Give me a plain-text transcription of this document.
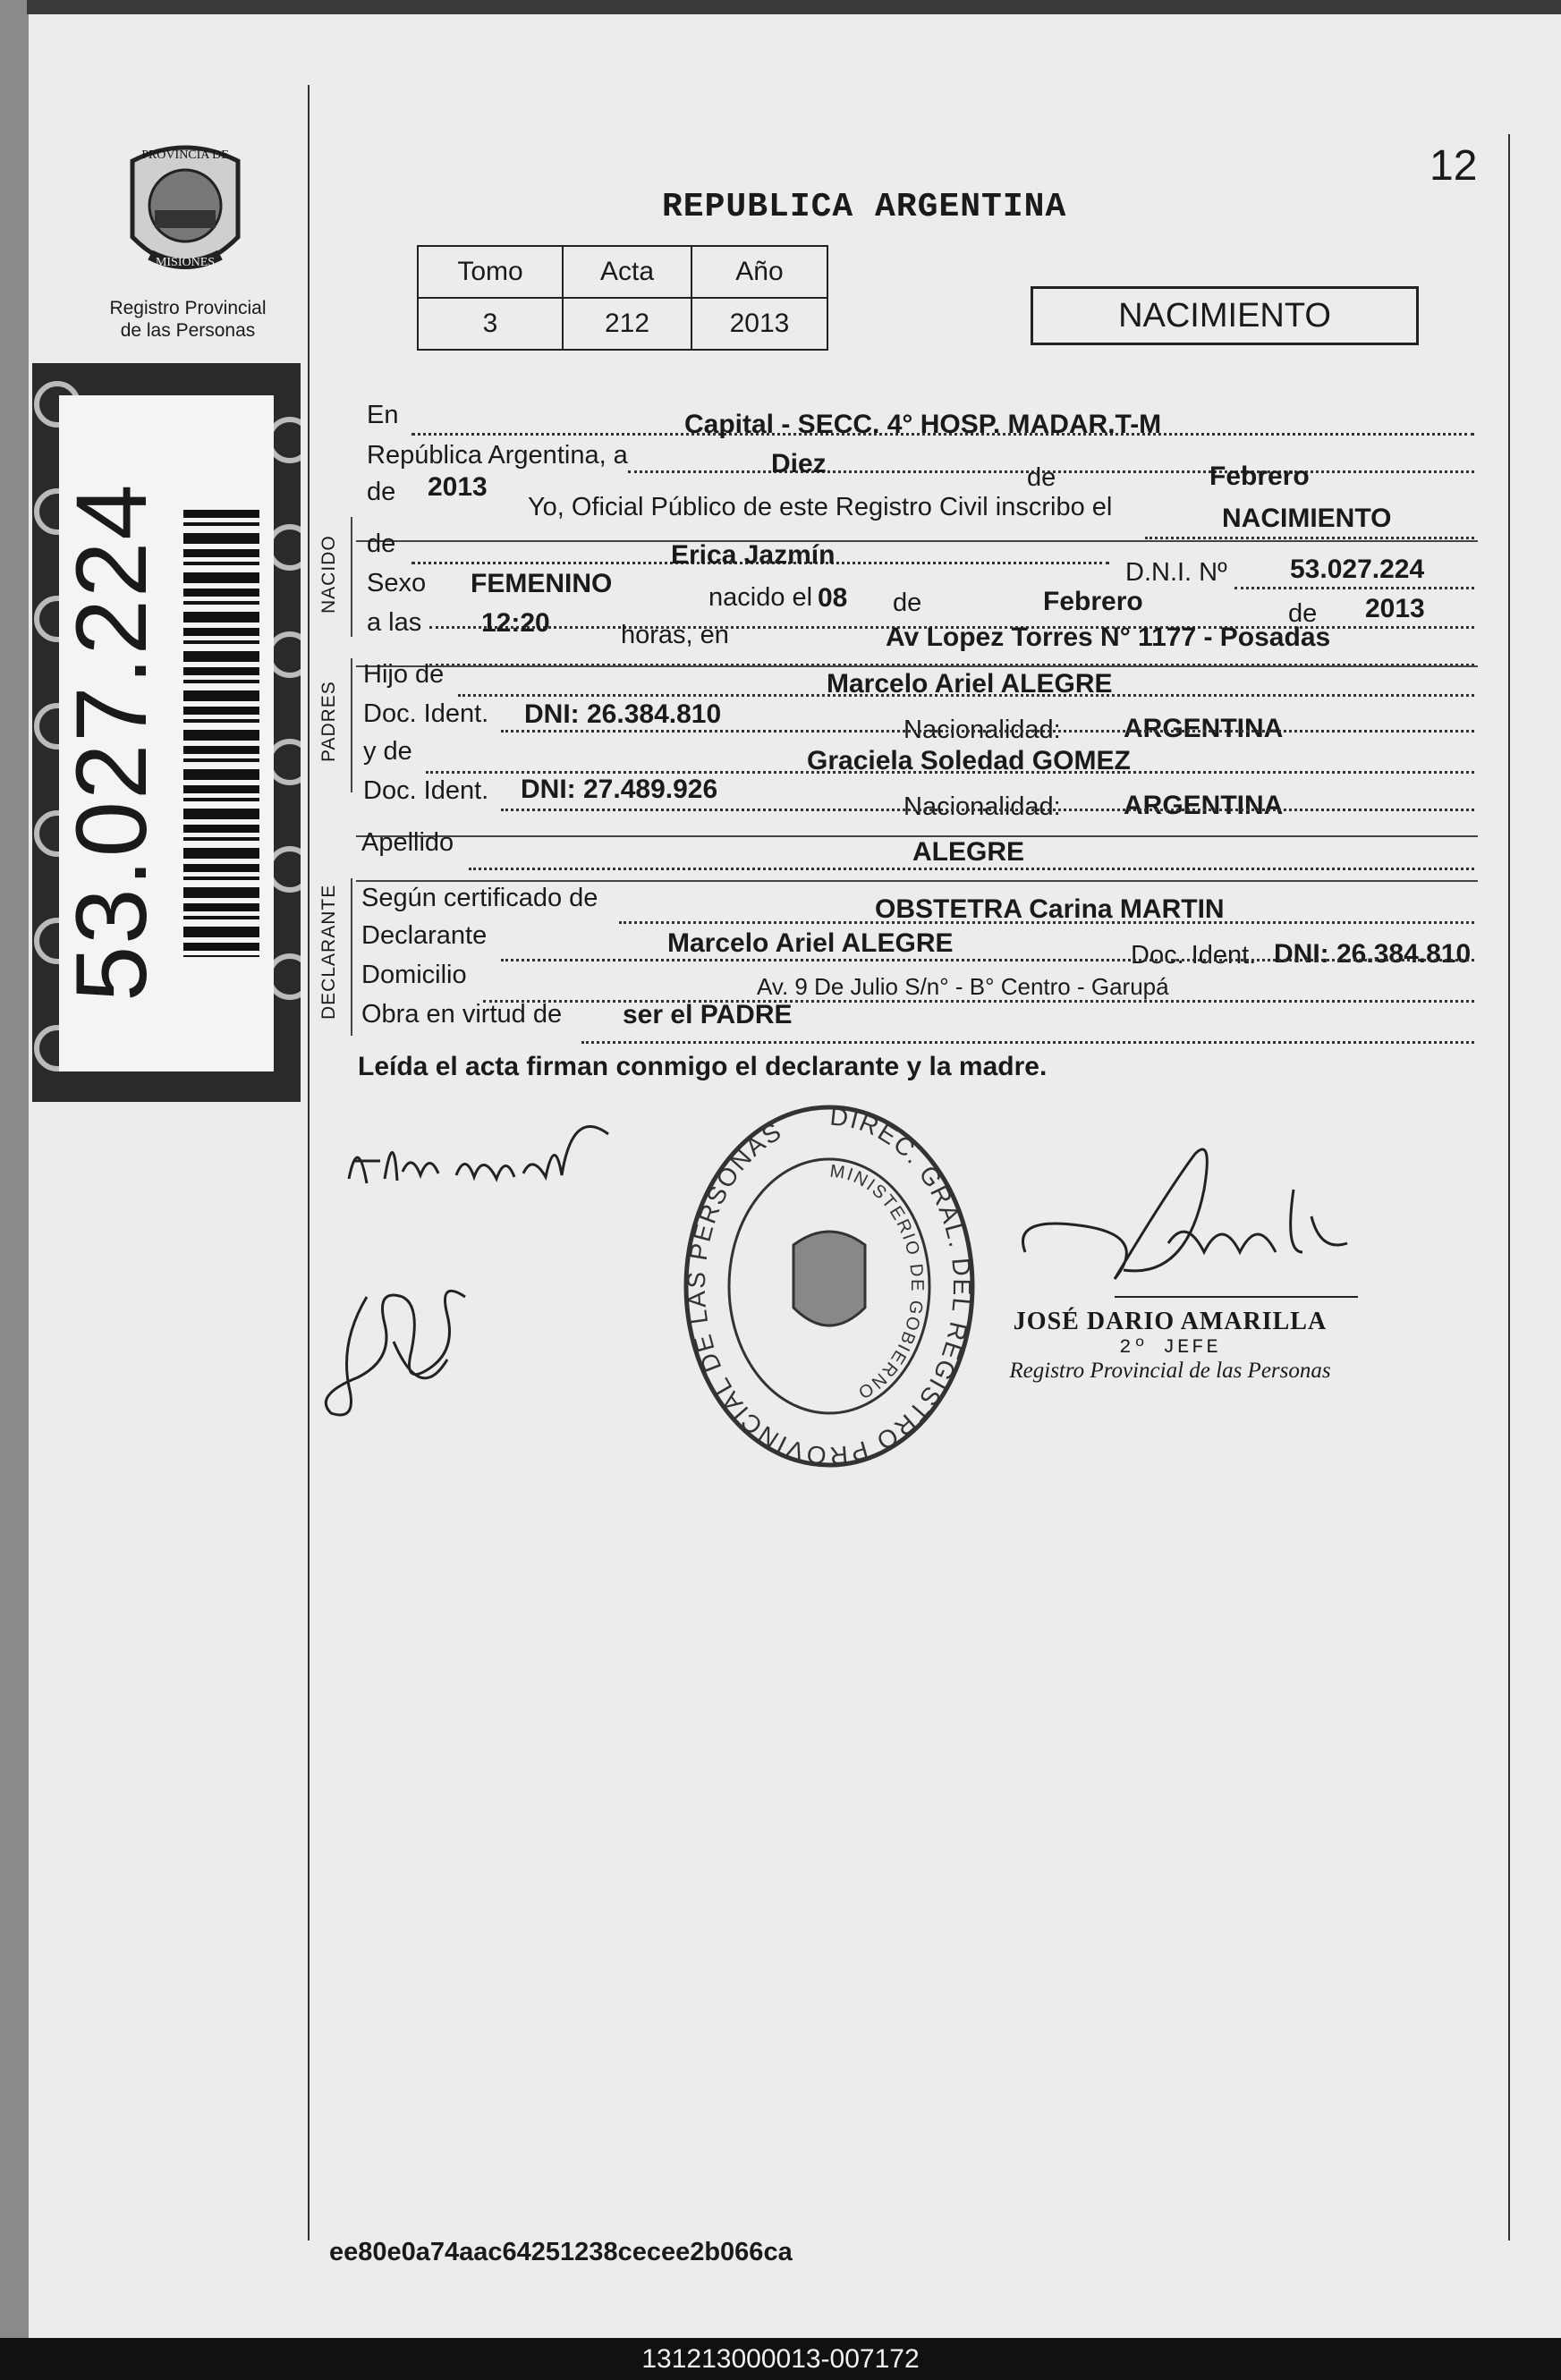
PROVINCIA DE
MISIONES
Registro Provincial
de las Personas
53.027.224
12
REPUBLICA ARGENTINA
Tomo	Acta	Año
3	212	2013	NACIMIENTO
En	Capital - SECC. 4° HOSP. MADAR.T-M
República Argentina, a	Diez	de	Febrero
de 2013
Yo, Oficial Público de este Registro Civil inscribo el	NACIMIENTO
NACIDO de	Erica Jazmín
D.N.I. Nº 53.027.224
Sexo FEMENINO	nacido el 08 de	Febrero	de 2013
a las 12:20	horas, en	Av Lopez Torres N° 1177 - Posadas
PADRES
Hijo de	Marcelo Ariel ALEGRE
Doc. Ident. DNI: 26.384.810
Nacionalidad: ARGENTINA
y de	Graciela Soledad GOMEZ
Doc. Ident. DNI: 27.489.926
Nacionalidad: ARGENTINA
Apellido	ALEGRE
DECLARANTE Según certificado de	OBSTETRA Carina MARTIN
Declarante	Marcelo Ariel ALEGRE	Doc. Ident. DNI: 26.384.810
Domicilio	Av. 9 De Julio S/n° - B° Centro - Garupá
Obra en virtud de ser el PADRE
Leída el acta firman conmigo el declarante y la madre.
Alegre Marcelo
DIREC. GRAL. DEL REGISTRO PROVINCIAL DE LAS PERSONAS
MINISTERIO DE GOBIERNO
JOSÉ DARIO AMARILLA
2º JEFE
Registro Provincial de las Personas
ee80e0a74aac64251238cecee2b066ca
131213000013-007172
